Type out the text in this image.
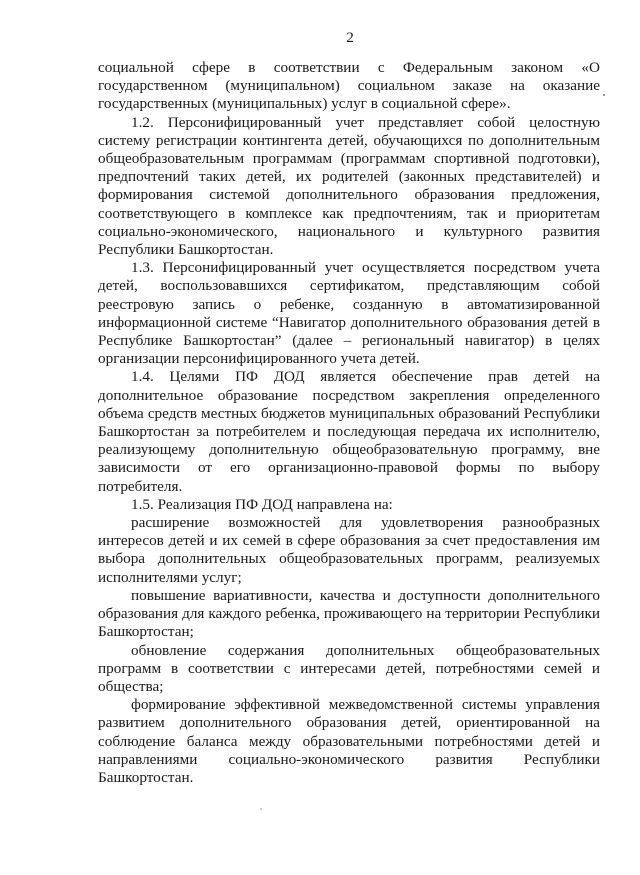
2

социальной сфере в соответствии с Федеральным законом «О государственном (муниципальном) социальном заказе на оказание государственных (муниципальных) услуг в социальной сфере».

1.2. Персонифицированный учет представляет собой целостную систему регистрации контингента детей, обучающихся по дополнительным общеобразовательным программам (программам спортивной подготовки), предпочтений таких детей, их родителей (законных представителей) и формирования системой дополнительного образования предложения, соответствующего в комплексе как предпочтениям, так и приоритетам социально-экономического, национального и культурного развития Республики Башкортостан.

1.3. Персонифицированный учет осуществляется посредством учета детей, воспользовавшихся сертификатом, представляющим собой реестровую запись о ребенке, созданную в автоматизированной информационной системе “Навигатор дополнительного образования детей в Республике Башкортостан” (далее – региональный навигатор) в целях организации персонифицированного учета детей.

1.4. Целями ПФ ДОД является обеспечение прав детей на дополнительное образование посредством закрепления определенного объема средств местных бюджетов муниципальных образований Республики Башкортостан за потребителем и последующая передача их исполнителю, реализующему дополнительную общеобразовательную программу, вне зависимости от его организационно-правовой формы по выбору потребителя.

1.5. Реализация ПФ ДОД направлена на:

расширение возможностей для удовлетворения разнообразных интересов детей и их семей в сфере образования за счет предоставления им выбора дополнительных общеобразовательных программ, реализуемых исполнителями услуг;

повышение вариативности, качества и доступности дополнительного образования для каждого ребенка, проживающего на территории Республики Башкортостан;

обновление содержания дополнительных общеобразовательных программ в соответствии с интересами детей, потребностями семей и общества;

формирование эффективной межведомственной системы управления развитием дополнительного образования детей, ориентированной на соблюдение баланса между образовательными потребностями детей и направлениями социально-экономического развития Республики Башкортостан.
